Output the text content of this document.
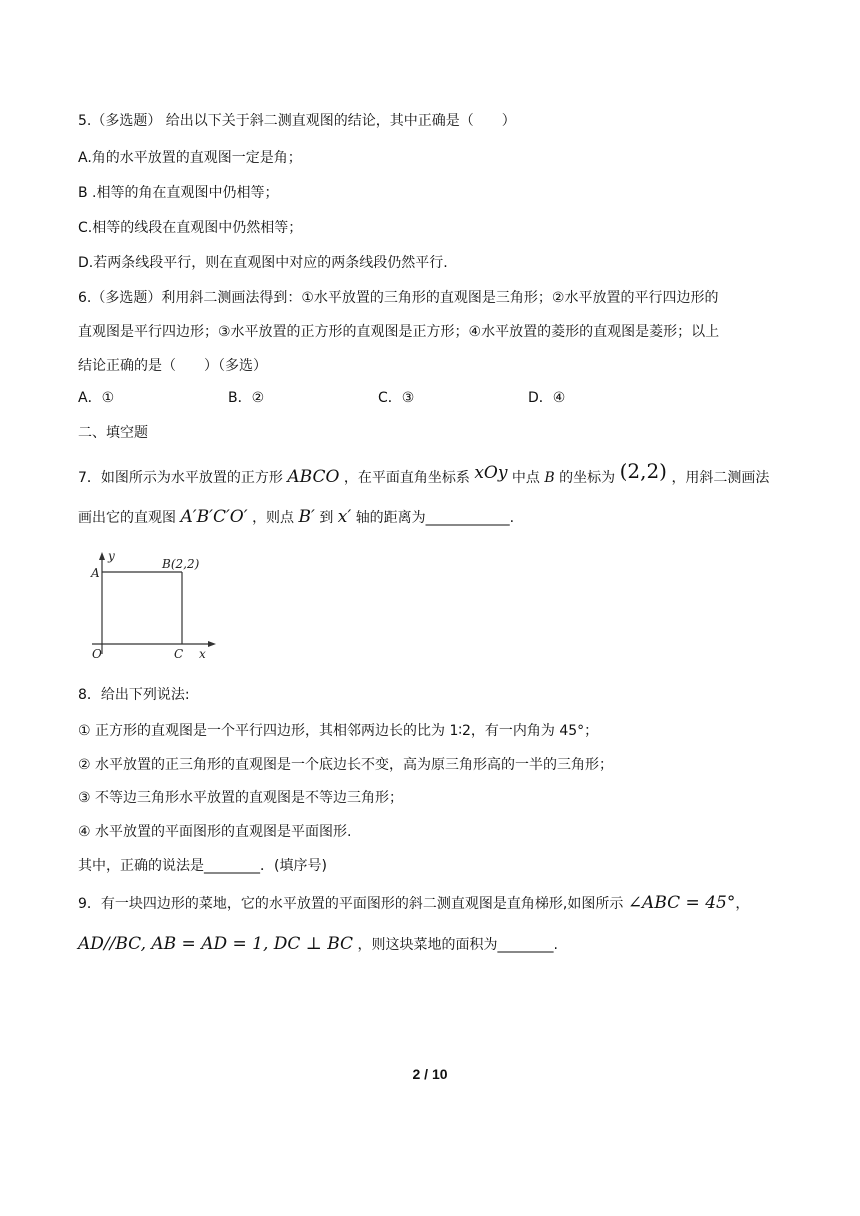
5.（多选题） 给出以下关于斜二测直观图的结论，其中正确是（　　）
A.角的水平放置的直观图一定是角；
B .相等的角在直观图中仍相等；
C.相等的线段在直观图中仍然相等；
D.若两条线段平行，则在直观图中对应的两条线段仍然平行.
6.（多选题）利用斜二测画法得到：①水平放置的三角形的直观图是三角形；②水平放置的平行四边形的
直观图是平行四边形；③水平放置的正方形的直观图是正方形；④水平放置的菱形的直观图是菱形；以上
结论正确的是（　　）（多选）
A．①	B．②	C．③	D．④
二、填空题
7．如图所示为水平放置的正方形 ABCO ，在平面直角坐标系 xOy 中点 B 的坐标为 (2,2) ，用斜二测画法
画出它的直观图 A′B′C′O′ ，则点 B′ 到 x′ 轴的距离为____________.
y
A
B(2,2)
O	C x
8．给出下列说法:
① 正方形的直观图是一个平行四边形，其相邻两边长的比为 1∶2，有一内角为 45°；
② 水平放置的正三角形的直观图是一个底边长不变，高为原三角形高的一半的三角形；
③ 不等边三角形水平放置的直观图是不等边三角形；
④ 水平放置的平面图形的直观图是平面图形.
其中，正确的说法是________．(填序号)
9．有一块四边形的菜地，它的水平放置的平面图形的斜二测直观图是直角梯形,如图所示 ∠ABC = 45°，
AD//BC, AB = AD = 1, DC ⊥ BC ，则这块菜地的面积为________.
2 / 10
